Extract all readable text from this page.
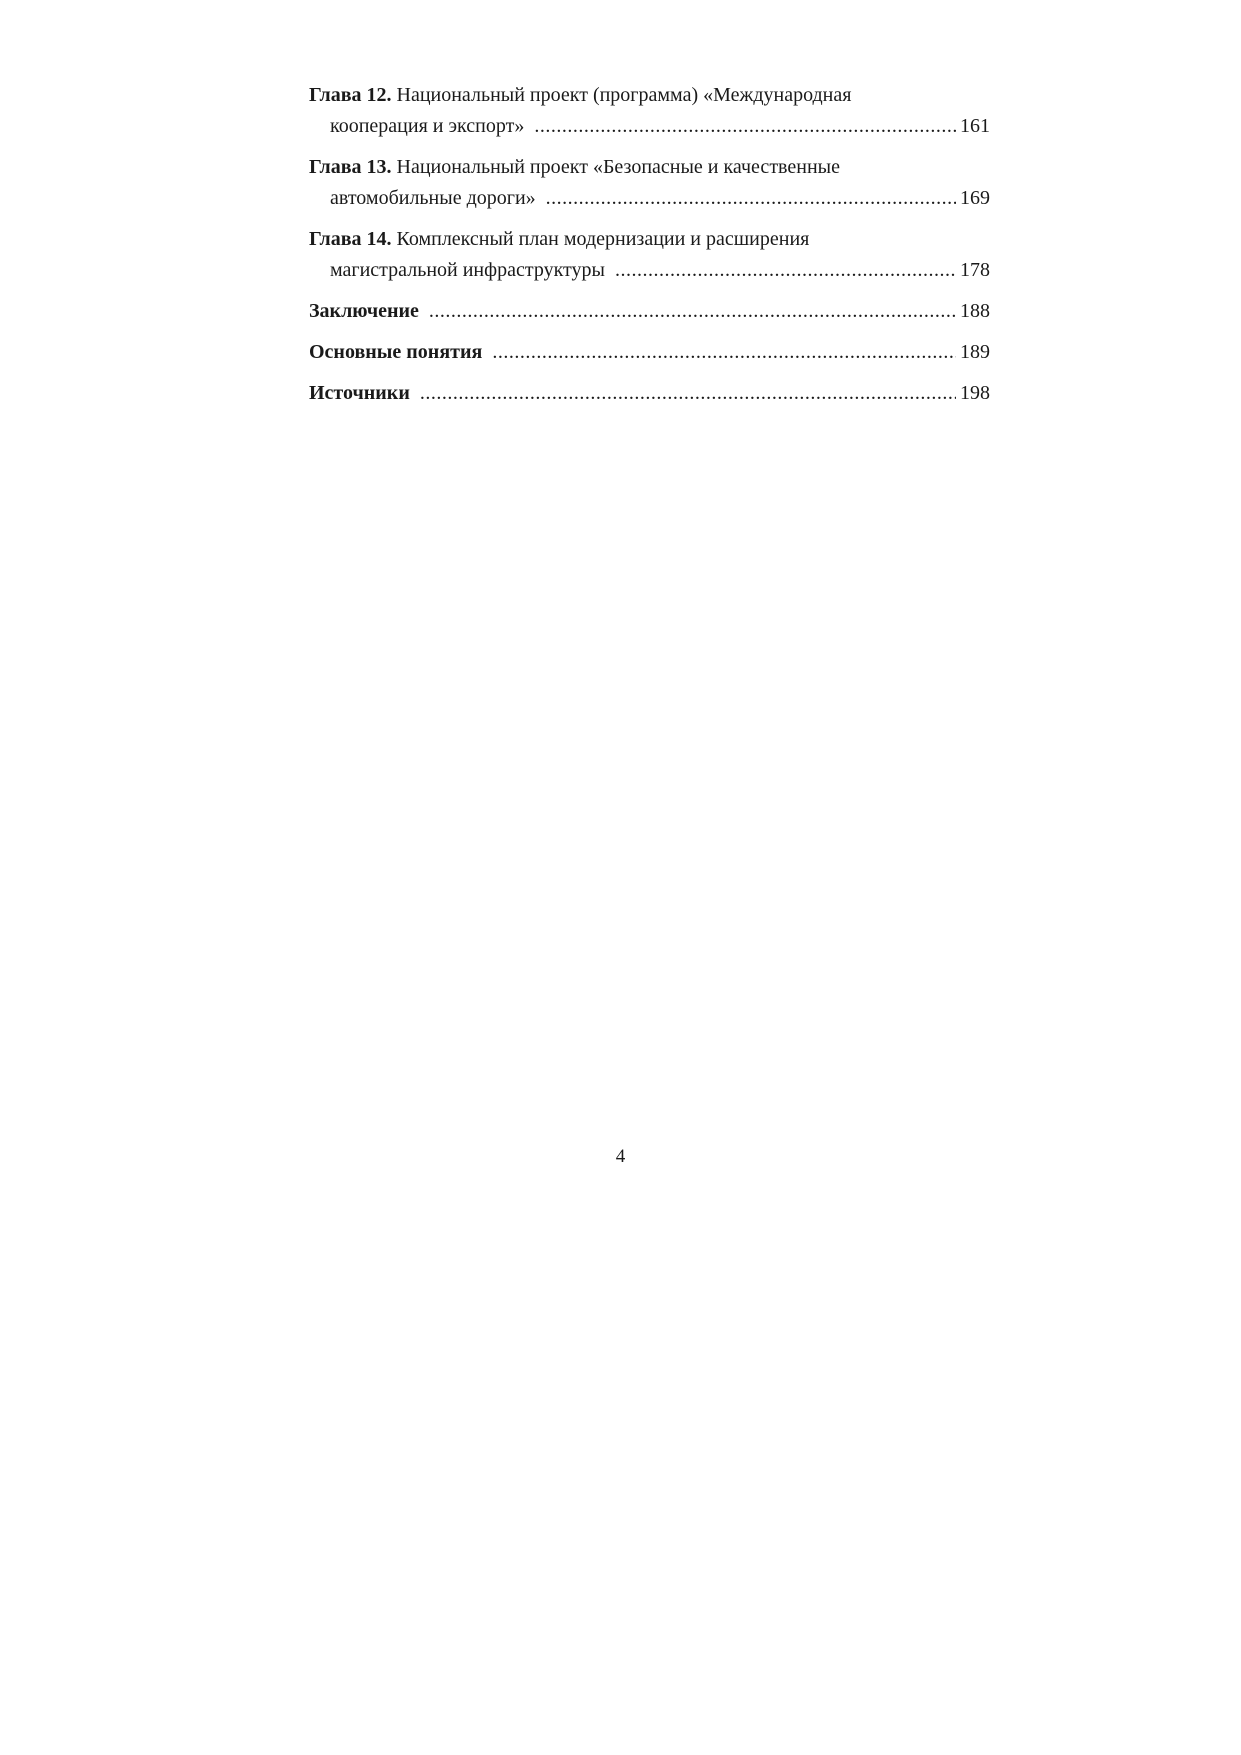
Глава 12. Национальный проект (программа) «Международная
кооперация и экспорт» .....	161
Глава 13. Национальный проект «Безопасные и качественные
автомобильные дороги» .....	169
Глава 14. Комплексный план модернизации и расширения
магистральной инфраструктуры .....	178
Заключение .....	188
Основные понятия .....	189
Источники .....	198
4
